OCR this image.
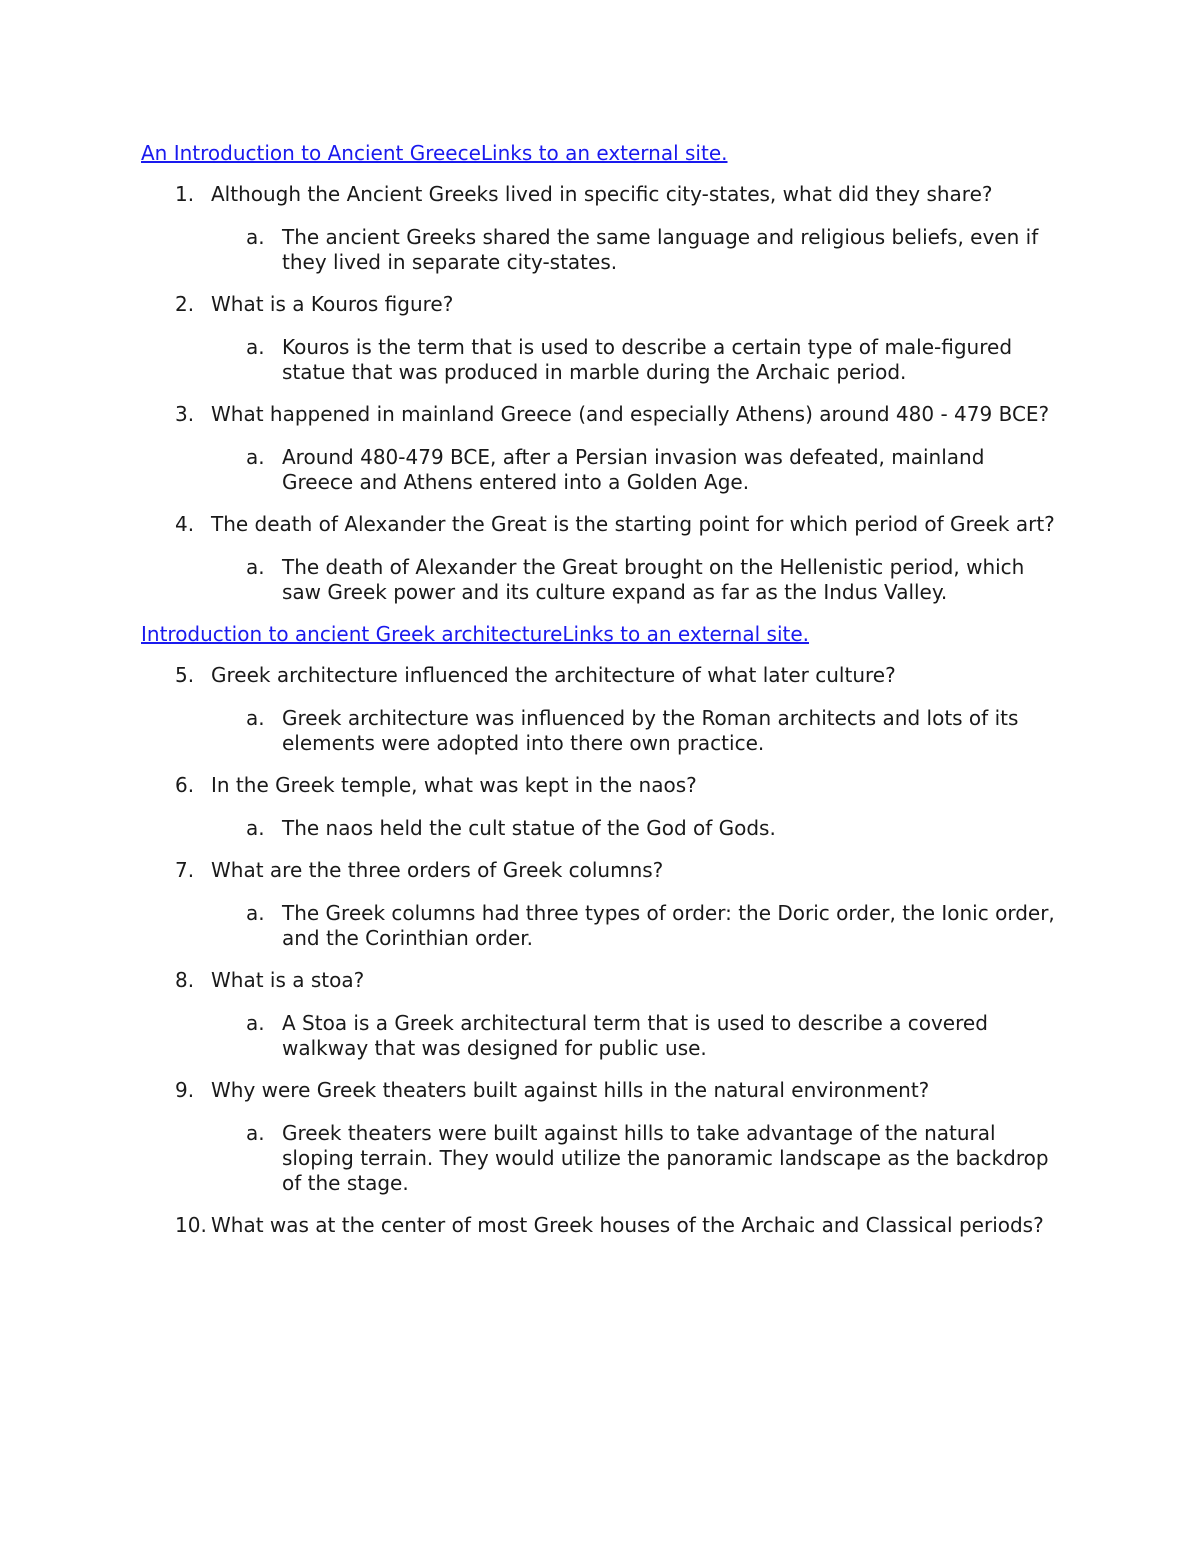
An Introduction to Ancient GreeceLinks to an external site.
1. Although the Ancient Greeks lived in specific city-states, what did they share?
a. The ancient Greeks shared the same language and religious beliefs, even if they lived in separate city-states.
2. What is a Kouros figure?
a. Kouros is the term that is used to describe a certain type of male-figured statue that was produced in marble during the Archaic period.
3. What happened in mainland Greece (and especially Athens) around 480 - 479 BCE?
a. Around 480-479 BCE, after a Persian invasion was defeated, mainland Greece and Athens entered into a Golden Age.
4. The death of Alexander the Great is the starting point for which period of Greek art?
a. The death of Alexander the Great brought on the Hellenistic period, which saw Greek power and its culture expand as far as the Indus Valley.
Introduction to ancient Greek architectureLinks to an external site.
5. Greek architecture influenced the architecture of what later culture?
a. Greek architecture was influenced by the Roman architects and lots of its elements were adopted into there own practice.
6. In the Greek temple, what was kept in the naos?
a. The naos held the cult statue of the God of Gods.
7. What are the three orders of Greek columns?
a. The Greek columns had three types of order: the Doric order, the Ionic order, and the Corinthian order.
8. What is a stoa?
a. A Stoa is a Greek architectural term that is used to describe a covered walkway that was designed for public use.
9. Why were Greek theaters built against hills in the natural environment?
a. Greek theaters were built against hills to take advantage of the natural sloping terrain. They would utilize the panoramic landscape as the backdrop of the stage.
10. What was at the center of most Greek houses of the Archaic and Classical periods?
